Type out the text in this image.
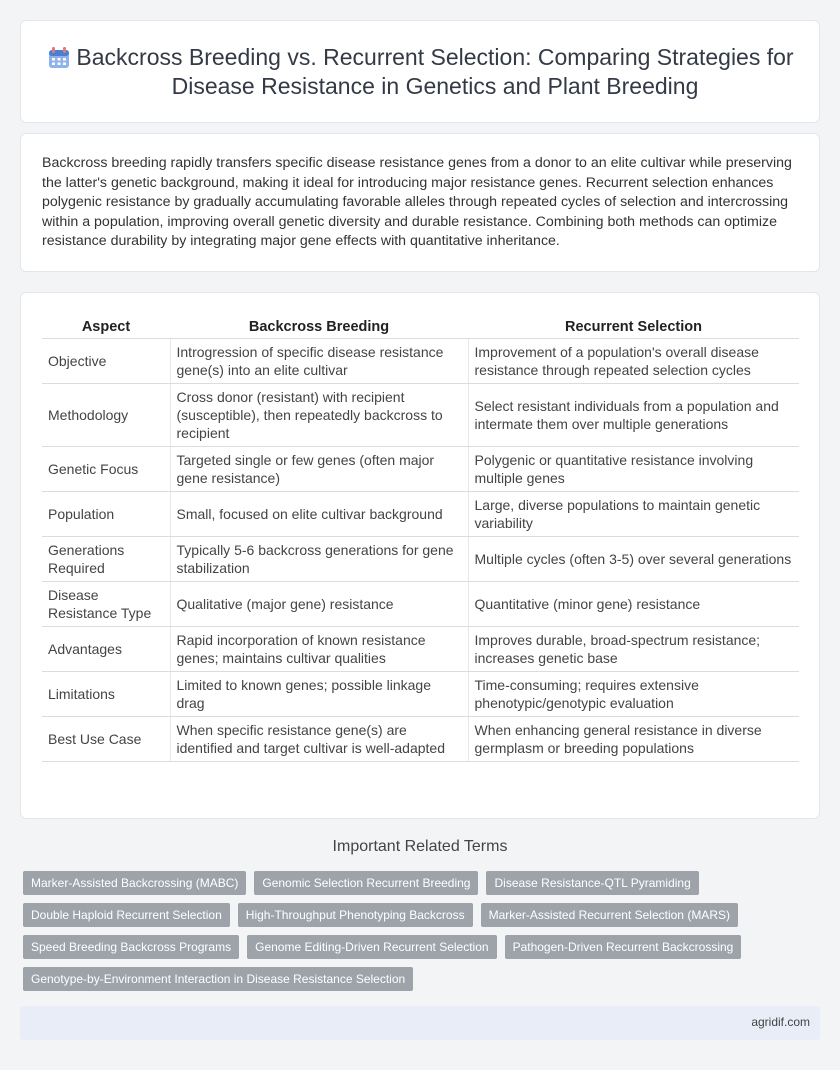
Backcross Breeding vs. Recurrent Selection: Comparing Strategies for Disease Resistance in Genetics and Plant Breeding

Backcross breeding rapidly transfers specific disease resistance genes from a donor to an elite cultivar while preserving the latter's genetic background, making it ideal for introducing major resistance genes. Recurrent selection enhances polygenic resistance by gradually accumulating favorable alleles through repeated cycles of selection and intercrossing within a population, improving overall genetic diversity and durable resistance. Combining both methods can optimize resistance durability by integrating major gene effects with quantitative inheritance.

Aspect	Backcross Breeding	Recurrent Selection
Objective	Introgression of specific disease resistance gene(s) into an elite cultivar	Improvement of a population's overall disease resistance through repeated selection cycles
Methodology	Cross donor (resistant) with recipient (susceptible), then repeatedly backcross to recipient	Select resistant individuals from a population and intermate them over multiple generations
Genetic Focus	Targeted single or few genes (often major gene resistance)	Polygenic or quantitative resistance involving multiple genes
Population	Small, focused on elite cultivar background	Large, diverse populations to maintain genetic variability
Generations Required	Typically 5-6 backcross generations for gene stabilization	Multiple cycles (often 3-5) over several generations
Disease Resistance Type	Qualitative (major gene) resistance	Quantitative (minor gene) resistance
Advantages	Rapid incorporation of known resistance genes; maintains cultivar qualities	Improves durable, broad-spectrum resistance; increases genetic base
Limitations	Limited to known genes; possible linkage drag	Time-consuming; requires extensive phenotypic/genotypic evaluation
Best Use Case	When specific resistance gene(s) are identified and target cultivar is well-adapted	When enhancing general resistance in diverse germplasm or breeding populations
Important Related Terms
Marker-Assisted Backcrossing (MABC)	Genomic Selection Recurrent Breeding	Disease Resistance-QTL Pyramiding
Double Haploid Recurrent Selection	High-Throughput Phenotyping Backcross	Marker-Assisted Recurrent Selection (MARS)
Speed Breeding Backcross Programs	Genome Editing-Driven Recurrent Selection	Pathogen-Driven Recurrent Backcrossing
Genotype-by-Environment Interaction in Disease Resistance Selection
agridif.com
